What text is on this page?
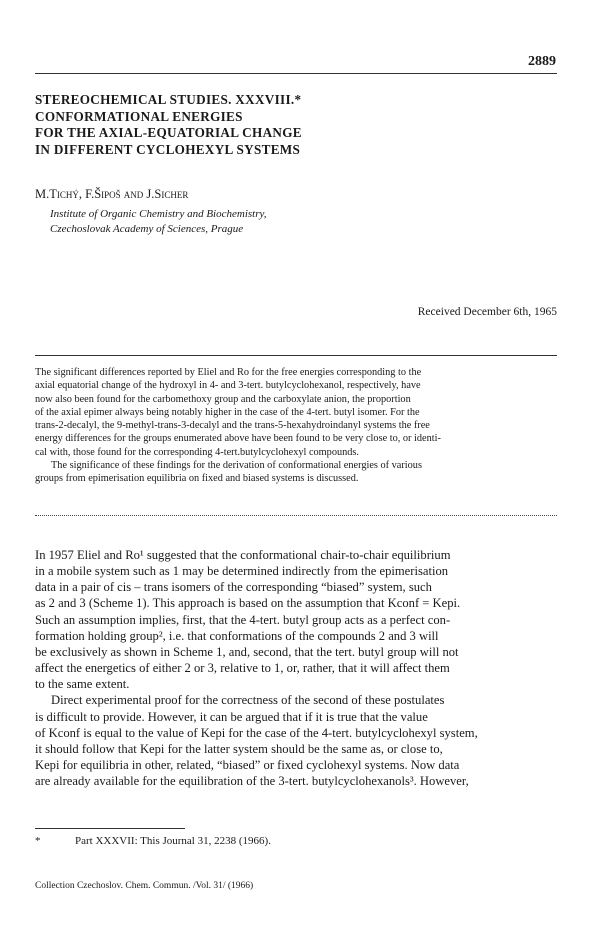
2889
STEREOCHEMICAL STUDIES. XXXVIII.*
CONFORMATIONAL ENERGIES
FOR THE AXIAL-EQUATORIAL CHANGE
IN DIFFERENT CYCLOHEXYL SYSTEMS
M.Tichý, F.Šipoš and J.Sicher
Institute of Organic Chemistry and Biochemistry,
Czechoslovak Academy of Sciences, Prague
Received December 6th, 1965
The significant differences reported by Eliel and Ro for the free energies corresponding to the
axial equatorial change of the hydroxyl in 4- and 3-tert. butylcyclohexanol, respectively, have
now also been found for the carbomethoxy group and the carboxylate anion, the proportion
of the axial epimer always being notably higher in the case of the 4-tert. butyl isomer. For the
trans-2-decalyl, the 9-methyl-trans-3-decalyl and the trans-5-hexahydroindanyl systems the free
energy differences for the groups enumerated above have been found to be very close to, or identi-
cal with, those found for the corresponding 4-tert.butylcyclohexyl compounds.
The significance of these findings for the derivation of conformational energies of various
groups from epimerisation equilibria on fixed and biased systems is discussed.
In 1957 Eliel and Ro¹ suggested that the conformational chair-to-chair equilibrium
in a mobile system such as 1 may be determined indirectly from the epimerisation
data in a pair of cis – trans isomers of the corresponding “biased” system, such
as 2 and 3 (Scheme 1). This approach is based on the assumption that Kconf = Kepi.
Such an assumption implies, first, that the 4-tert. butyl group acts as a perfect con-
formation holding group², i.e. that conformations of the compounds 2 and 3 will
be exclusively as shown in Scheme 1, and, second, that the tert. butyl group will not
affect the energetics of either 2 or 3, relative to 1, or, rather, that it will affect them
to the same extent.
Direct experimental proof for the correctness of the second of these postulates
is difficult to provide. However, it can be argued that if it is true that the value
of Kconf is equal to the value of Kepi for the case of the 4-tert. butylcyclohexyl system,
it should follow that Kepi for the latter system should be the same as, or close to,
Kepi for equilibria in other, related, “biased” or fixed cyclohexyl systems. Now data
are already available for the equilibration of the 3-tert. butylcyclohexanols³. However,
*	Part XXXVII: This Journal 31, 2238 (1966).
Collection Czechoslov. Chem. Commun. /Vol. 31/ (1966)
